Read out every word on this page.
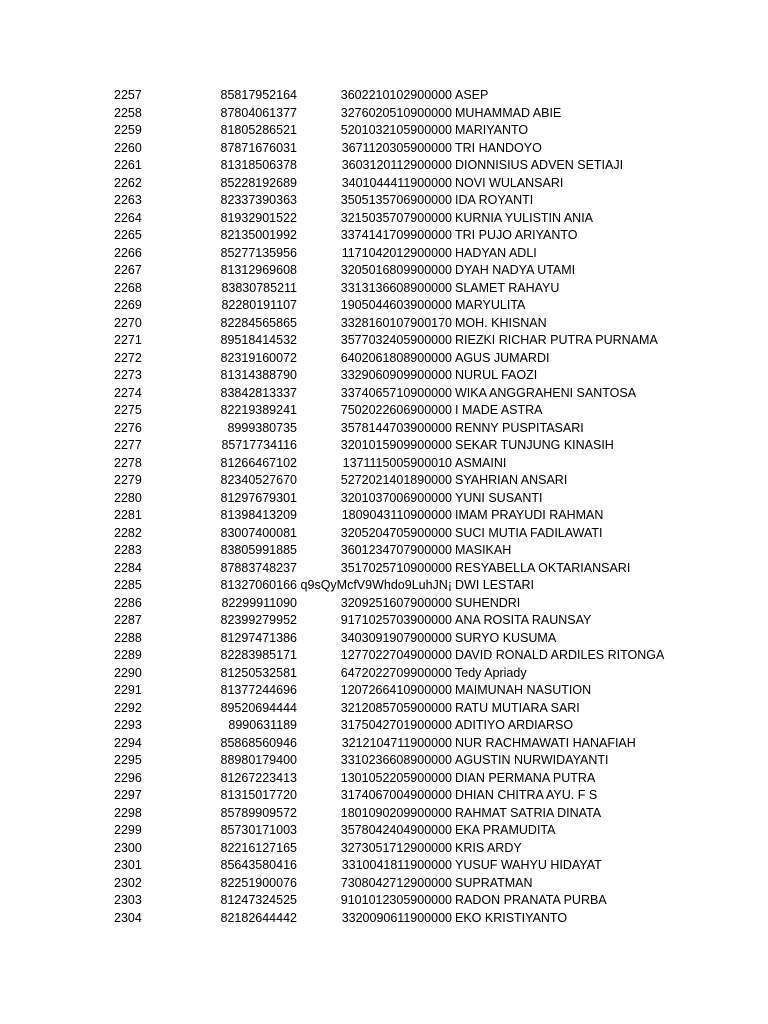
2257	85817952164	3602210102900000 ASEP
2258	87804061377	3276020510900000 MUHAMMAD ABIE
2259	81805286521	5201032105900000 MARIYANTO
2260	87871676031	3671120305900000 TRI HANDOYO
2261	81318506378	3603120112900000 DIONNISIUS ADVEN SETIAJI
2262	85228192689	3401044411900000 NOVI WULANSARI
2263	82337390363	3505135706900000 IDA ROYANTI
2264	81932901522	3215035707900000 KURNIA YULISTIN ANIA
2265	82135001992	3374141709900000 TRI PUJO ARIYANTO
2266	85277135956	1171042012900000 HADYAN ADLI
2267	81312969608	3205016809900000 DYAH NADYA UTAMI
2268	83830785211	3313136608900000 SLAMET RAHAYU
2269	82280191107	1905044603900000 MARYULITA
2270	82284565865	3328160107900170 MOH. KHISNAN
2271	89518414532	3577032405900000 RIEZKI RICHAR PUTRA PURNAMA
2272	82319160072	6402061808900000 AGUS JUMARDI
2273	81314388790	3329060909900000 NURUL FAOZI
2274	83842813337	3374065710900000 WIKA ANGGRAHENI SANTOSA
2275	82219389241	7502022606900000 I MADE ASTRA
2276	8999380735	3578144703900000 RENNY PUSPITASARI
2277	85717734116	3201015909900000 SEKAR TUNJUNG KINASIH
2278	81266467102	1371115005900010 ASMAINI
2279	82340527670	5272021401890000 SYAHRIAN ANSARI
2280	81297679301	3201037006900000 YUNI SUSANTI
2281	81398413209	1809043110900000 IMAM PRAYUDI RAHMAN
2282	83007400081	3205204705900000 SUCI MUTIA FADILAWATI
2283	83805991885	3601234707900000 MASIKAH
2284	87883748237	3517025710900000 RESYABELLA OKTARIANSARI
2285	81327060166 q9sQyMcfV9Whdo9LuhJN¡ DWI LESTARI
2286	82299911090	3209251607900000 SUHENDRI
2287	82399279952	9171025703900000 ANA ROSITA RAUNSAY
2288	81297471386	3403091907900000 SURYO KUSUMA
2289	82283985171	1277022704900000 DAVID RONALD ARDILES RITONGA
2290	81250532581	6472022709900000 Tedy Apriady
2291	81377244696	1207266410900000 MAIMUNAH NASUTION
2292	89520694444	3212085705900000 RATU MUTIARA SARI
2293	8990631189	3175042701900000 ADITIYO ARDIARSO
2294	85868560946	3212104711900000 NUR RACHMAWATI HANAFIAH
2295	88980179400	3310236608900000 AGUSTIN NURWIDAYANTI
2296	81267223413	1301052205900000 DIAN PERMANA PUTRA
2297	81315017720	3174067004900000 DHIAN CHITRA AYU. F S
2298	85789909572	1801090209900000 RAHMAT SATRIA DINATA
2299	85730171003	3578042404900000 EKA PRAMUDITA
2300	82216127165	3273051712900000 KRIS ARDY
2301	85643580416	3310041811900000 YUSUF WAHYU HIDAYAT
2302	82251900076	7308042712900000 SUPRATMAN
2303	81247324525	9101012305900000 RADON PRANATA PURBA
2304	82182644442	3320090611900000 EKO KRISTIYANTO
